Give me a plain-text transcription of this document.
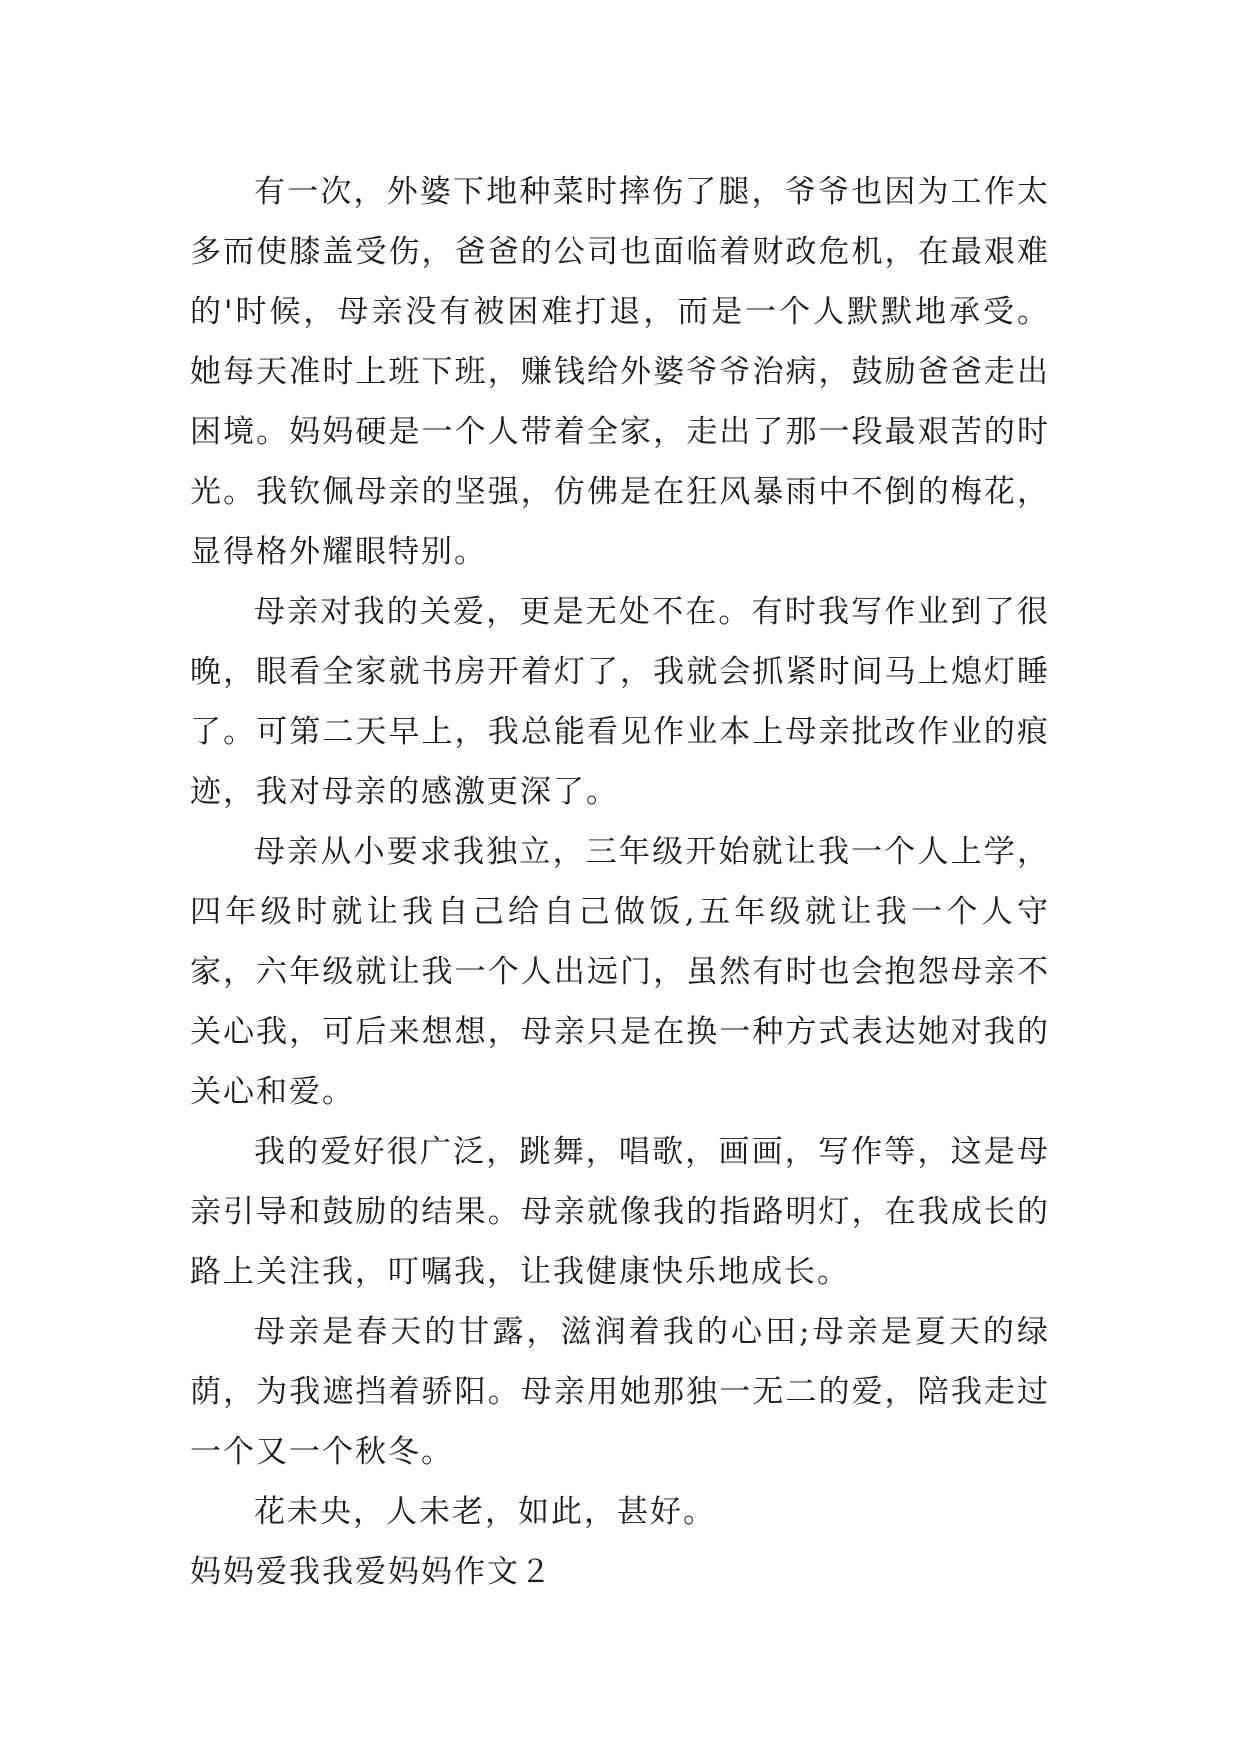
有一次，外婆下地种菜时摔伤了腿，爷爷也因为工作太多而使膝盖受伤，爸爸的公司也面临着财政危机，在最艰难的'时候，母亲没有被困难打退，而是一个人默默地承受。她每天准时上班下班，赚钱给外婆爷爷治病，鼓励爸爸走出困境。妈妈硬是一个人带着全家，走出了那一段最艰苦的时光。我钦佩母亲的坚强，仿佛是在狂风暴雨中不倒的梅花，显得格外耀眼特别。

母亲对我的关爱，更是无处不在。有时我写作业到了很晚，眼看全家就书房开着灯了，我就会抓紧时间马上熄灯睡了。可第二天早上，我总能看见作业本上母亲批改作业的痕迹，我对母亲的感激更深了。

母亲从小要求我独立，三年级开始就让我一个人上学，四年级时就让我自己给自己做饭,五年级就让我一个人守家，六年级就让我一个人出远门，虽然有时也会抱怨母亲不关心我，可后来想想，母亲只是在换一种方式表达她对我的关心和爱。

我的爱好很广泛，跳舞，唱歌，画画，写作等，这是母亲引导和鼓励的结果。母亲就像我的指路明灯，在我成长的路上关注我，叮嘱我，让我健康快乐地成长。

母亲是春天的甘露，滋润着我的心田;母亲是夏天的绿荫，为我遮挡着骄阳。母亲用她那独一无二的爱，陪我走过一个又一个秋冬。

花未央，人未老，如此，甚好。

妈妈爱我我爱妈妈作文２
